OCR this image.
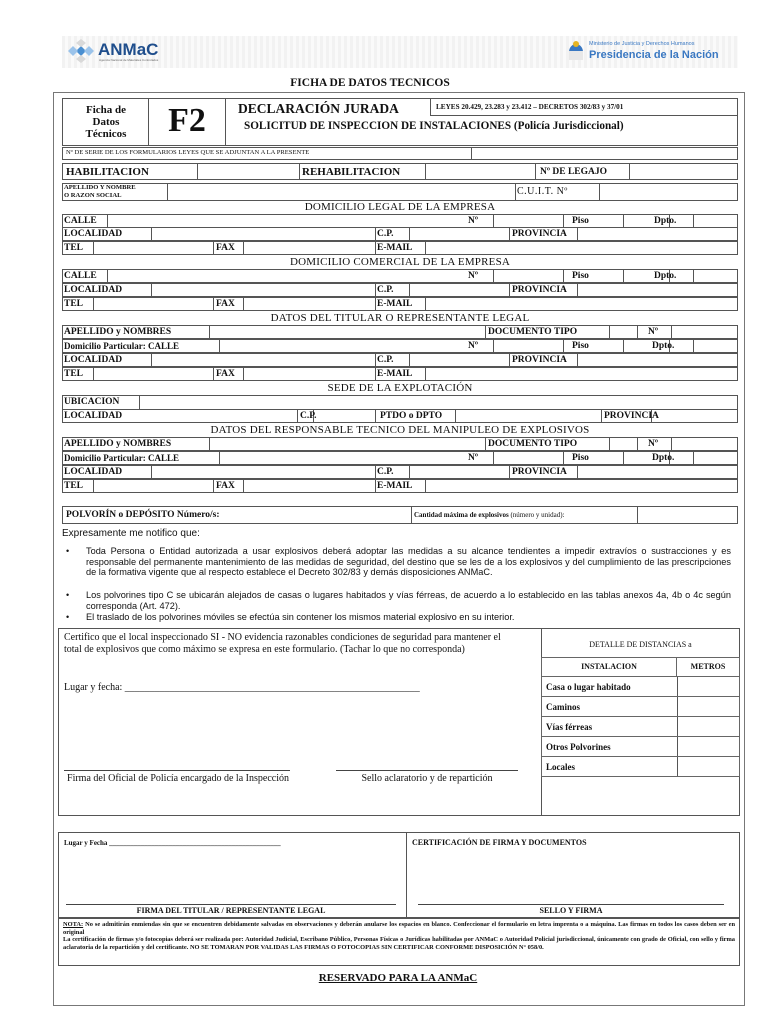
ANMaC
Agencia Nacional de Materiales Controlados
Ministerio de Justicia y Derechos Humanos
Presidencia de la Nación
FICHA DE DATOS TECNICOS
Ficha de
Datos
Técnicos	F2	DECLARACIÓN JURADA	LEYES 20.429, 23.283 y 23.412 – DECRETOS 302/83 y 37/01
SOLICITUD DE INSPECCION DE INSTALACIONES (Policía Jurisdiccional)
Nº DE SERIE DE LOS FORMULARIOS LEYES QUE SE ADJUNTAN A LA PRESENTE
HABILITACION	REHABILITACION	Nº DE LEGAJO
APELLIDO Y NOMBRE
O RAZON SOCIAL	C.U.I.T. Nº
DOMICILIO LEGAL DE LA EMPRESA
CALLE	Nº	Piso	Dpto.
LOCALIDAD	C.P.	PROVINCIA
TEL	FAX	E-MAIL
DOMICILIO COMERCIAL DE LA EMPRESA
CALLE	Nº	Piso	Dpto.
LOCALIDAD	C.P.	PROVINCIA
TEL	FAX	E-MAIL
DATOS DEL TITULAR O REPRESENTANTE LEGAL
APELLIDO y NOMBRES	DOCUMENTO TIPO	Nº
Domicilio Particular: CALLE	Nº	Piso	Dpto.
LOCALIDAD	C.P.	PROVINCIA
TEL	FAX	E-MAIL
SEDE DE LA EXPLOTACIÓN
UBICACION
LOCALIDAD	C.P.	PTDO o DPTO	PROVINCIA
DATOS DEL RESPONSABLE TECNICO DEL MANIPULEO DE EXPLOSIVOS
APELLIDO y NOMBRES	DOCUMENTO TIPO	Nº
Domicilio Particular: CALLE	Nº	Piso	Dpto.
LOCALIDAD	C.P.	PROVINCIA
TEL	FAX	E-MAIL
POLVORÍN o DEPÓSITO Número/s:	Cantidad máxima de explosivos (número y unidad):
Expresamente me notifico que:
• Toda Persona o Entidad autorizada a usar explosivos deberá adoptar las medidas a su alcance tendientes a impedir extravíos o sustracciones y es responsable del permanente mantenimiento de las medidas de seguridad, del destino que se les de a los explosivos y del cumplimiento de las prescripciones de la formativa vigente que al respecto establece el Decreto 302/83 y demás disposiciones ANMaC.
• Los polvorines tipo C se ubicarán alejados de casas o lugares habitados y vías férreas, de acuerdo a lo establecido en las tablas anexos 4a, 4b o 4c según corresponda (Art. 472).
• El traslado de los polvorines móviles se efectúa sin contener los mismos material explosivo en su interior.
Certifico que el local inspeccionado SI - NO evidencia razonables condiciones de seguridad para mantener el total de explosivos que como máximo se expresa en este formulario. (Tachar lo que no corresponda)
Lugar y fecha: ___________________________________________________________
Firma del Oficial de Policía encargado de la Inspección	Sello aclaratorio y de repartición
DETALLE DE DISTANCIAS a
INSTALACION	METROS
Casa o lugar habitado
Caminos
Vías férreas
Otros Polvorines
Locales
Lugar y Fecha _________________________________________________	CERTIFICACIÓN DE FIRMA Y DOCUMENTOS
FIRMA DEL TITULAR / REPRESENTANTE LEGAL	SELLO Y FIRMA
NOTA: No se admitirán enmiendas sin que se encuentren debidamente salvadas en observaciones y deberán anularse los espacios en blanco. Confeccionar el formulario en letra imprenta o a máquina. Las firmas en todos los casos deben ser en original
La certificación de firmas y/o fotocopias deberá ser realizada por: Autoridad Judicial, Escribano Público, Personas Físicas o Jurídicas habilitadas por ANMaC o Autoridad Policial jurisdiccional, únicamente con grado de Oficial, con sello y firma aclaratoria de la repartición y del certificante. NO SE TOMARAN POR VALIDAS LAS FIRMAS O FOTOCOPIAS SIN CERTIFICAR CONFORME DISPOSICIÓN N° 058/0.
RESERVADO PARA LA ANMaC
